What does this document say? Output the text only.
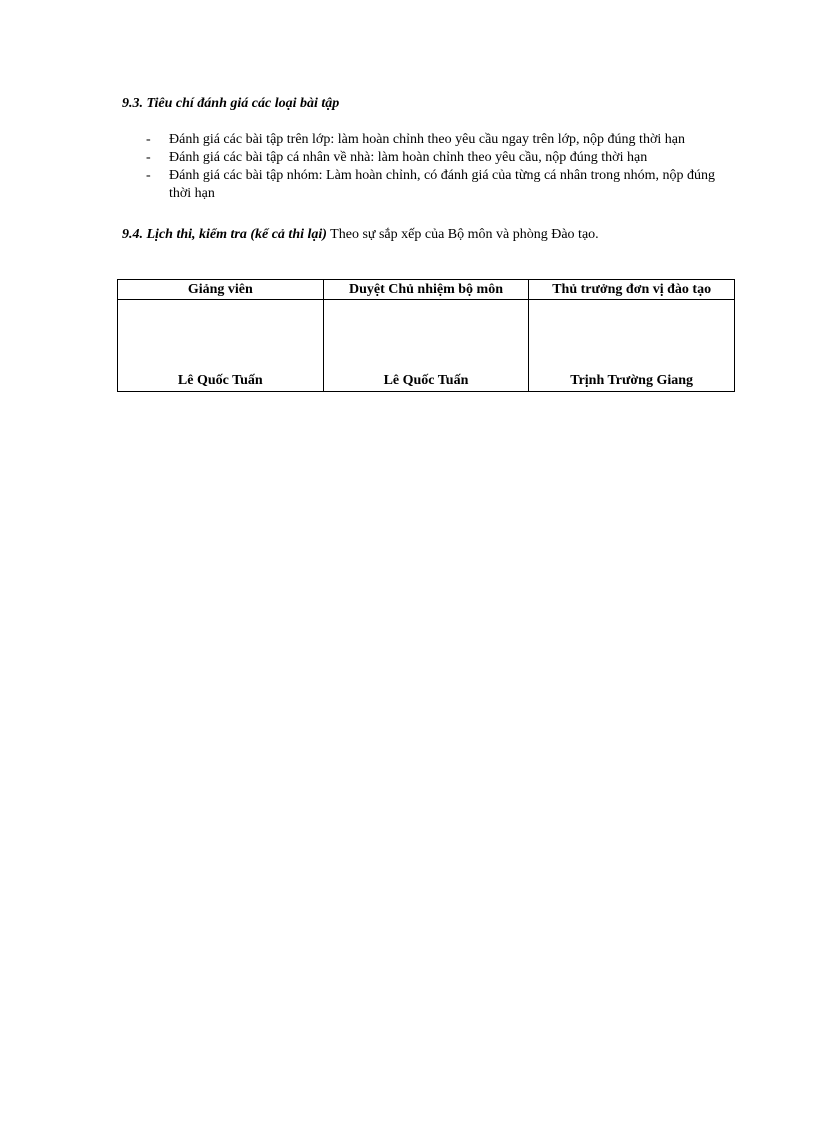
9.3. Tiêu chí đánh giá các loại bài tập
- Đánh giá các bài tập trên lớp: làm hoàn chỉnh theo yêu cầu ngay trên lớp, nộp đúng thời hạn
- Đánh giá các bài tập cá nhân về nhà: làm hoàn chỉnh theo yêu cầu, nộp đúng thời hạn
- Đánh giá các bài tập nhóm: Làm hoàn chỉnh, có đánh giá của từng cá nhân trong nhóm, nộp đúng thời hạn
9.4. Lịch thi, kiểm tra (kể cả thi lại) Theo sự sắp xếp của Bộ môn và phòng Đào tạo.
Giảng viên	Duyệt Chủ nhiệm bộ môn	Thủ trưởng đơn vị đào tạo
Lê Quốc Tuấn	Lê Quốc Tuấn	Trịnh Trường Giang
